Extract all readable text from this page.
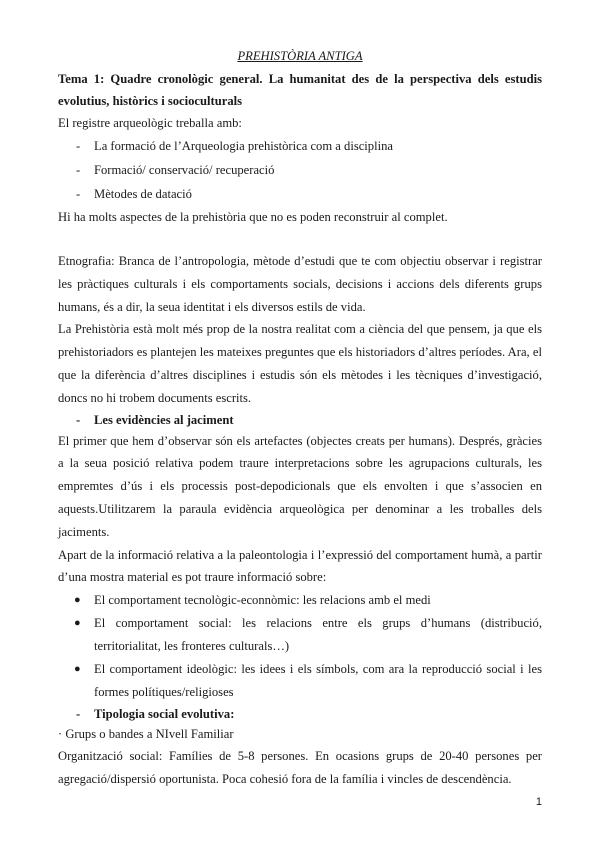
PREHISTÒRIA ANTIGA

Tema 1: Quadre cronològic general. La humanitat des de la perspectiva dels estudis evolutius, històrics i socioculturals

El registre arqueològic treballa amb:

- La formació de l’Arqueologia prehistòrica com a disciplina
- Formació/ conservació/ recuperació
- Mètodes de datació

Hi ha molts aspectes de la prehistòria que no es poden reconstruir al complet.

Etnografia: Branca de l’antropologia, mètode d’estudi que te com objectiu observar i registrar les pràctiques culturals i els comportaments socials, decisions i accions dels diferents grups humans, és a dir, la seua identitat i els diversos estils de vida.

La Prehistòria està molt més prop de la nostra realitat com a ciència del que pensem, ja que els prehistoriadors es plantejen les mateixes preguntes que els historiadors d’altres períodes. Ara, el que la diferència d’altres disciplines i estudis són els mètodes i les tècniques d’investigació, doncs no hi trobem documents escrits.

- Les evidències al jaciment

El primer que hem d’observar són els artefactes (objectes creats per humans). Després, gràcies a la seua posició relativa podem traure interpretacions sobre les agrupacions culturals, les empremtes d’ús i els processis post-depodicionals que els envolten i que s’associen en aquests.Utilitzarem la paraula evidència arqueològica per denominar a les troballes dels jaciments.

Apart de la informació relativa a la paleontologia i l’expressió del comportament humà, a partir d’una mostra material es pot traure informació sobre:

● El comportament tecnològic-econnòmic: les relacions amb el medi
● El comportament social: les relacions entre els grups d’humans (distribució, territorialitat, les fronteres culturals…)
● El comportament ideològic: les idees i els símbols, com ara la reproducció social i les formes polítiques/religioses
- Tipologia social evolutiva:

· Grups o bandes a NIvell Familiar

Organització social: Famílies de 5-8 persones. En ocasions grups de 20-40 persones per agregació/dispersió oportunista. Poca cohesió fora de la família i vincles de descendència.

1
